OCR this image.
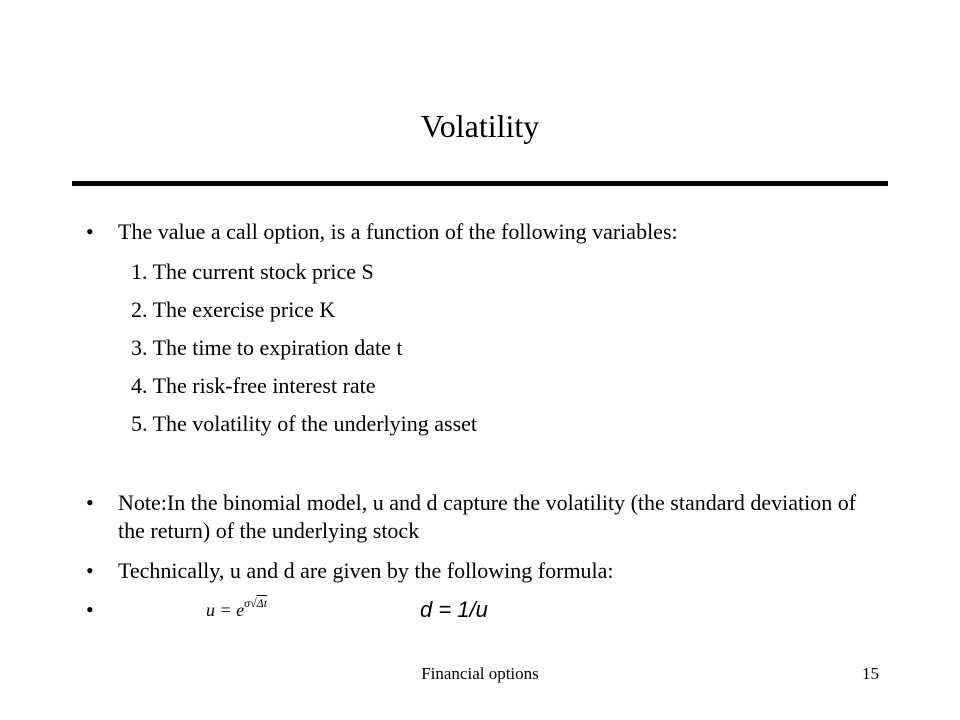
Volatility
•	The value a call option, is a function of the following variables:
1. The current stock price S
2. The exercise price K
3. The time to expiration date t
4. The risk-free interest rate
5. The volatility of the underlying asset
•	Note:In the binomial model, u and d capture the volatility (the standard deviation of the return) of the underlying stock
•	Technically, u and d are given by the following formula:
•	$u = e^{\sigma√\Delta t}$	d = 1/u
Financial options	15
